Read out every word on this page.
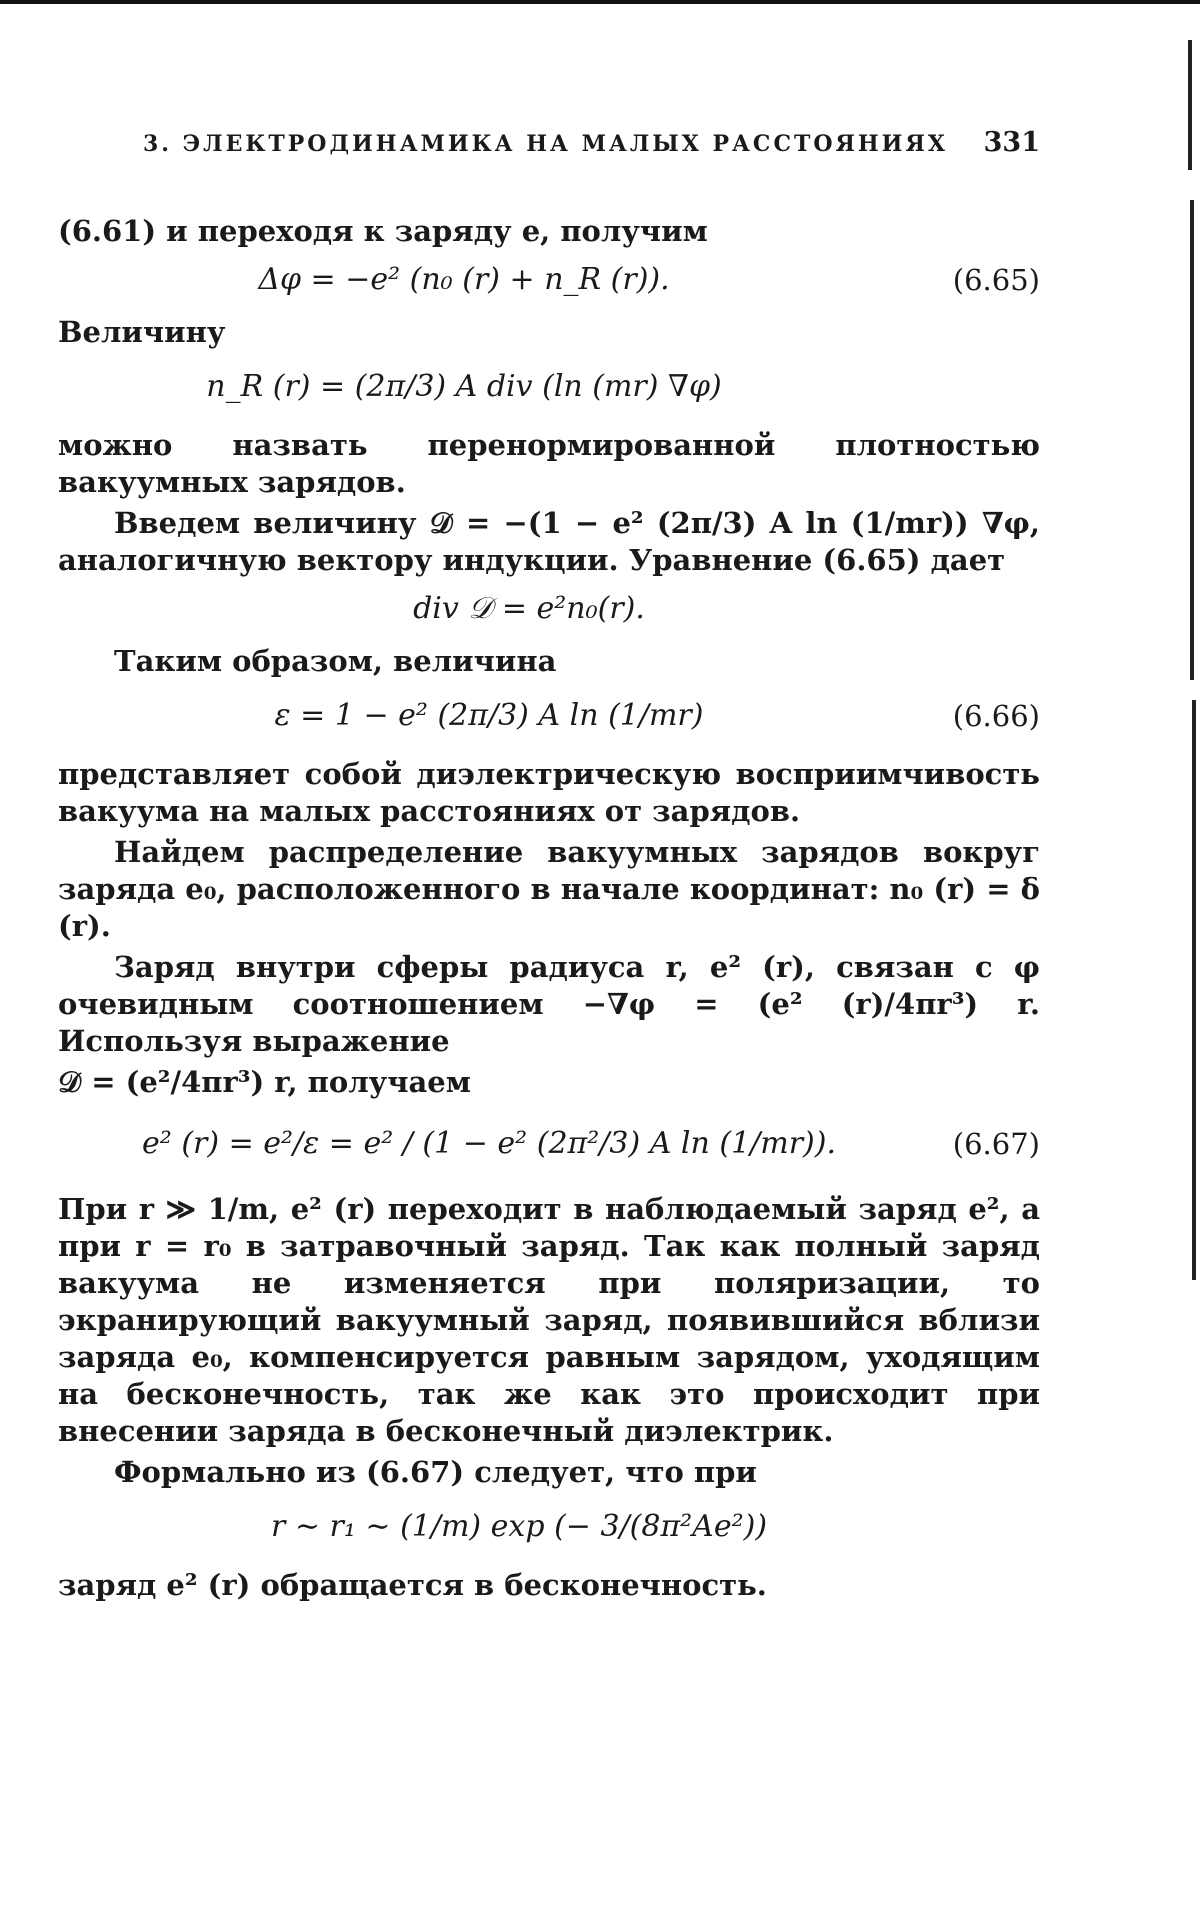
3. ЭЛЕКТРОДИНАМИКА НА МАЛЫХ РАССТОЯНИЯХ 331

(6.61) и переходя к заряду e, получим

Δφ = −e² (n₀ (r) + n_R (r)).	(6.65)

Величину

n_R (r) = (2π/3) A div (ln (mr) ∇φ)

можно назвать перенормированной плотностью вакуумных зарядов.

Введем величину 𝒟 = −(1 − e² (2π/3) A ln (1/mr)) ∇φ, аналогичную вектору индукции. Уравнение (6.65) дает

div 𝒟 = e²n₀(r).

Таким образом, величина

ε = 1 − e² (2π/3) A ln (1/mr)	(6.66)

представляет собой диэлектрическую восприимчивость вакуума на малых расстояниях от зарядов.

Найдем распределение вакуумных зарядов вокруг заряда e₀, расположенного в начале координат: n₀ (r) = δ (r).

Заряд внутри сферы радиуса r, e² (r), связан с φ очевидным соотношением −∇φ = (e² (r)/4πr³) r. Используя выражение

𝒟 = (e²/4πr³) r, получаем

e² (r) = e²/ε = e² / (1 − e² (2π²/3) A ln (1/mr)).	(6.67)

При r ≫ 1/m, e² (r) переходит в наблюдаемый заряд e², а при r = r₀ в затравочный заряд. Так как полный заряд вакуума не изменяется при поляризации, то экранирующий вакуумный заряд, появившийся вблизи заряда e₀, компенсируется равным зарядом, уходящим на бесконечность, так же как это происходит при внесении заряда в бесконечный диэлектрик.

Формально из (6.67) следует, что при

r ∼ r₁ ∼ (1/m) exp (− 3/(8π²Ae²))

заряд e² (r) обращается в бесконечность.
